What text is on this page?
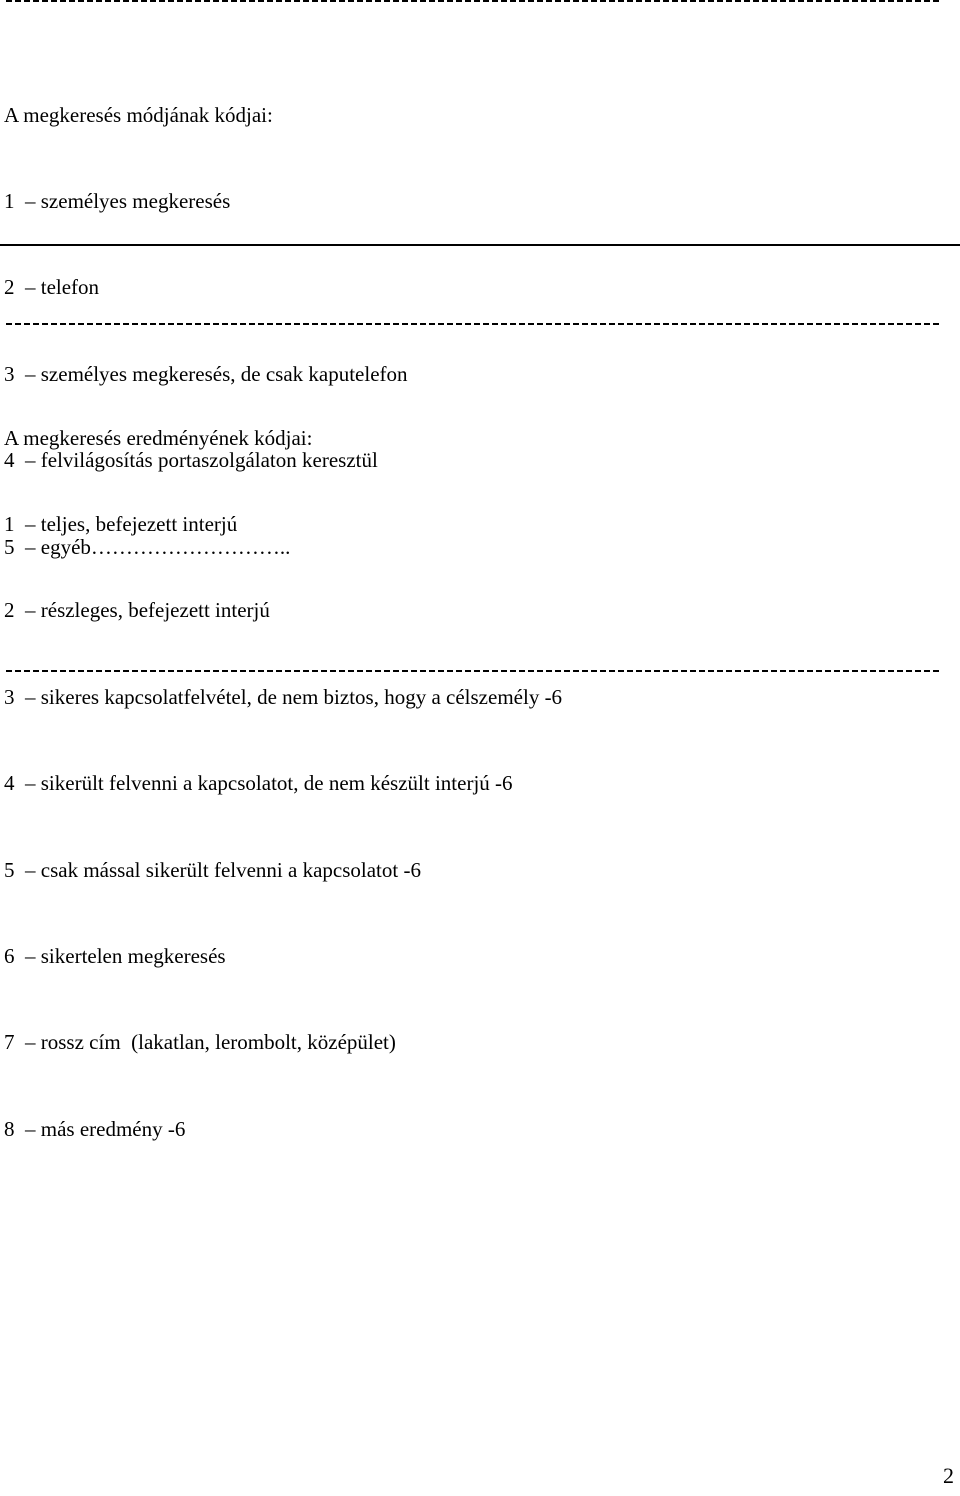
A megkeresés módjának kódjai:

1  – személyes megkeresés

2  – telefon

3  – személyes megkeresés, de csak kaputelefon

4  – felvilágosítás portaszolgálaton keresztül

5  – egyéb………………………..

A megkeresés eredményének kódjai:

1  – teljes, befejezett interjú

2  – részleges, befejezett interjú

3  – sikeres kapcsolatfelvétel, de nem biztos, hogy a célszemély -6

4  – sikerült felvenni a kapcsolatot, de nem készült interjú -6

5  – csak mással sikerült felvenni a kapcsolatot -6

6  – sikertelen megkeresés

7  – rossz cím  (lakatlan, lerombolt, középület)

8  – más eredmény -6

2
